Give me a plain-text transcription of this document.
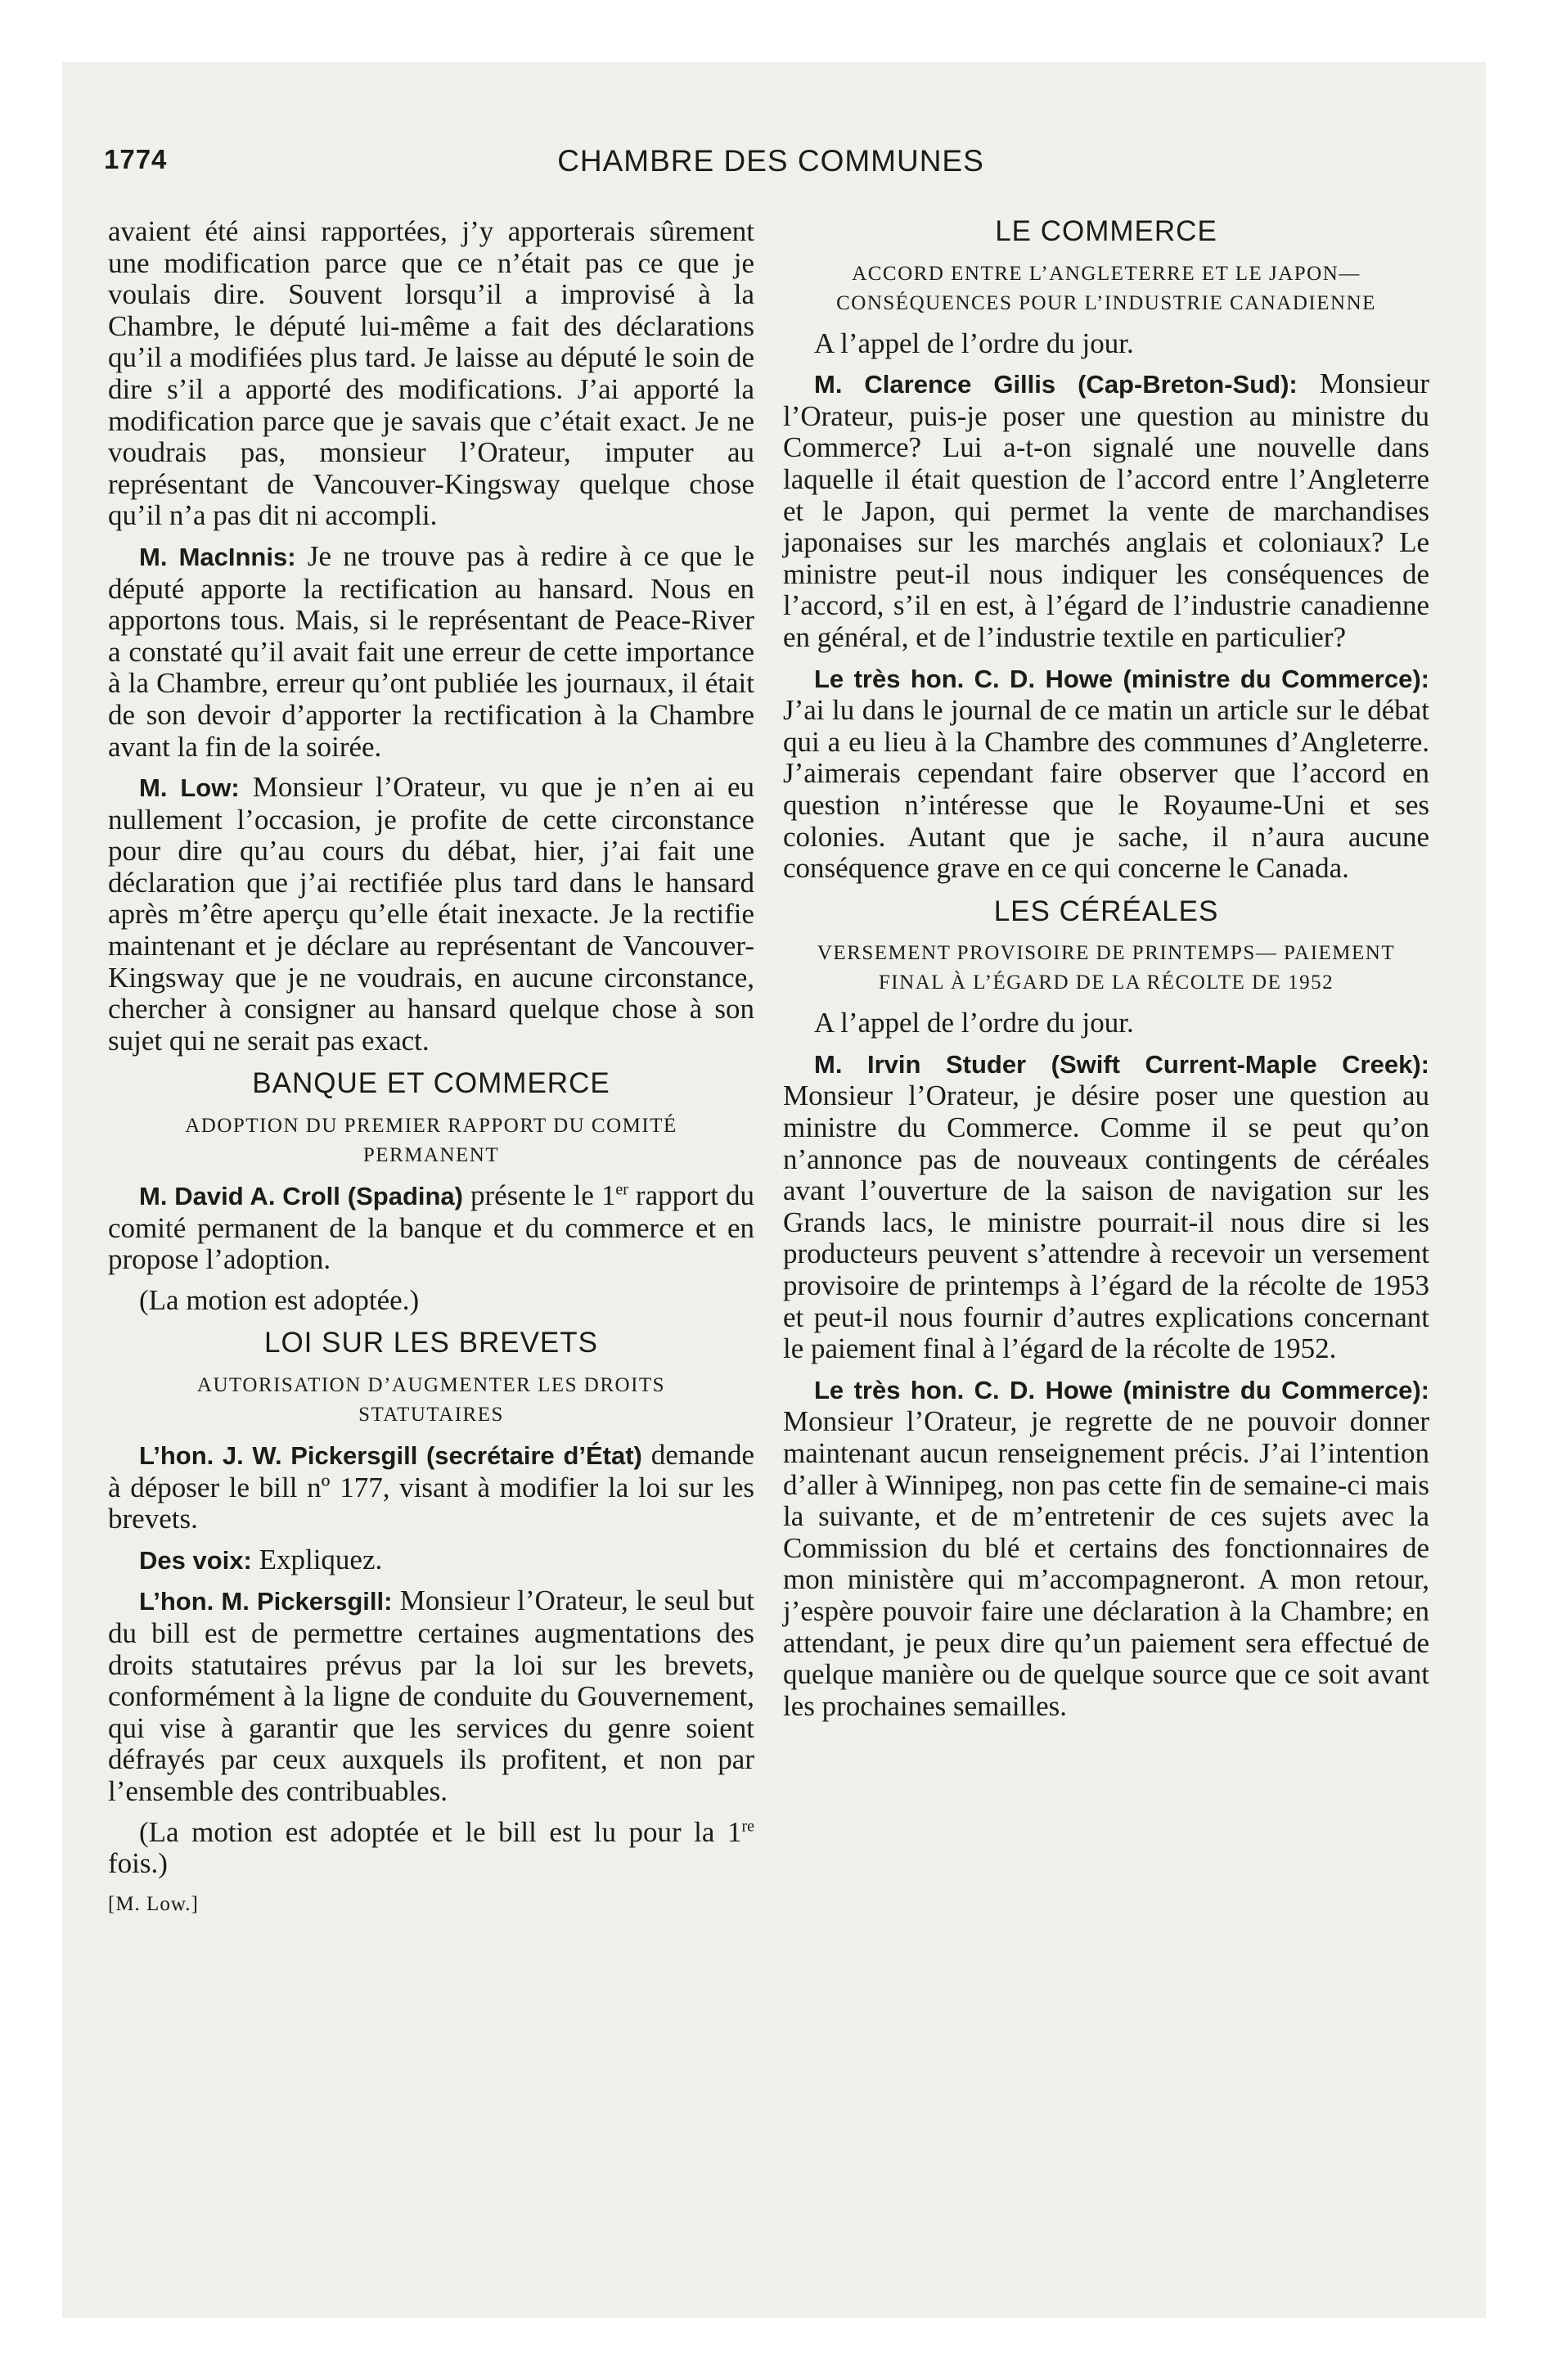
1774	CHAMBRE DES COMMUNES

avaient été ainsi rapportées, j’y apporterais sûrement une modification parce que ce n’était pas ce que je voulais dire. Souvent lorsqu’il a improvisé à la Chambre, le député lui-même a fait des déclarations qu’il a modifiées plus tard. Je laisse au député le soin de dire s’il a apporté des modifications. J’ai apporté la modification parce que je savais que c’était exact. Je ne voudrais pas, monsieur l’Orateur, imputer au représentant de Vancouver-Kingsway quelque chose qu’il n’a pas dit ni accompli.

M. MacInnis: Je ne trouve pas à redire à ce que le député apporte la rectification au hansard. Nous en apportons tous. Mais, si le représentant de Peace-River a constaté qu’il avait fait une erreur de cette importance à la Chambre, erreur qu’ont publiée les journaux, il était de son devoir d’apporter la rectification à la Chambre avant la fin de la soirée.

M. Low: Monsieur l’Orateur, vu que je n’en ai eu nullement l’occasion, je profite de cette circonstance pour dire qu’au cours du débat, hier, j’ai fait une déclaration que j’ai rectifiée plus tard dans le hansard après m’être aperçu qu’elle était inexacte. Je la rectifie maintenant et je déclare au représentant de Vancouver-Kingsway que je ne voudrais, en aucune circonstance, chercher à consigner au hansard quelque chose à son sujet qui ne serait pas exact.

BANQUE ET COMMERCE
ADOPTION DU PREMIER RAPPORT DU COMITÉ PERMANENT

M. David A. Croll (Spadina) présente le 1er rapport du comité permanent de la banque et du commerce et en propose l’adoption.

(La motion est adoptée.)

LOI SUR LES BREVETS
AUTORISATION D’AUGMENTER LES DROITS STATUTAIRES

L’hon. J. W. Pickersgill (secrétaire d’État) demande à déposer le bill nº 177, visant à modifier la loi sur les brevets.

Des voix: Expliquez.

L’hon. M. Pickersgill: Monsieur l’Orateur, le seul but du bill est de permettre certaines augmentations des droits statutaires prévus par la loi sur les brevets, conformément à la ligne de conduite du Gouvernement, qui vise à garantir que les services du genre soient défrayés par ceux auxquels ils profitent, et non par l’ensemble des contribuables.

(La motion est adoptée et le bill est lu pour la 1re fois.)

[M. Low.]
LE COMMERCE
ACCORD ENTRE L’ANGLETERRE ET LE JAPON— CONSÉQUENCES POUR L’INDUSTRIE CANADIENNE

A l’appel de l’ordre du jour.

M. Clarence Gillis (Cap-Breton-Sud): Monsieur l’Orateur, puis-je poser une question au ministre du Commerce? Lui a-t-on signalé une nouvelle dans laquelle il était question de l’accord entre l’Angleterre et le Japon, qui permet la vente de marchandises japonaises sur les marchés anglais et coloniaux? Le ministre peut-il nous indiquer les conséquences de l’accord, s’il en est, à l’égard de l’industrie canadienne en général, et de l’industrie textile en particulier?

Le très hon. C. D. Howe (ministre du Commerce): J’ai lu dans le journal de ce matin un article sur le débat qui a eu lieu à la Chambre des communes d’Angleterre. J’aimerais cependant faire observer que l’accord en question n’intéresse que le Royaume-Uni et ses colonies. Autant que je sache, il n’aura aucune conséquence grave en ce qui concerne le Canada.

LES CÉRÉALES
VERSEMENT PROVISOIRE DE PRINTEMPS— PAIEMENT FINAL À L’ÉGARD DE LA RÉCOLTE DE 1952

A l’appel de l’ordre du jour.

M. Irvin Studer (Swift Current-Maple Creek): Monsieur l’Orateur, je désire poser une question au ministre du Commerce. Comme il se peut qu’on n’annonce pas de nouveaux contingents de céréales avant l’ouverture de la saison de navigation sur les Grands lacs, le ministre pourrait-il nous dire si les producteurs peuvent s’attendre à recevoir un versement provisoire de printemps à l’égard de la récolte de 1953 et peut-il nous fournir d’autres explications concernant le paiement final à l’égard de la récolte de 1952.

Le très hon. C. D. Howe (ministre du Commerce): Monsieur l’Orateur, je regrette de ne pouvoir donner maintenant aucun renseignement précis. J’ai l’intention d’aller à Winnipeg, non pas cette fin de semaine-ci mais la suivante, et de m’entretenir de ces sujets avec la Commission du blé et certains des fonctionnaires de mon ministère qui m’accompagneront. A mon retour, j’espère pouvoir faire une déclaration à la Chambre; en attendant, je peux dire qu’un paiement sera effectué de quelque manière ou de quelque source que ce soit avant les prochaines semailles.
